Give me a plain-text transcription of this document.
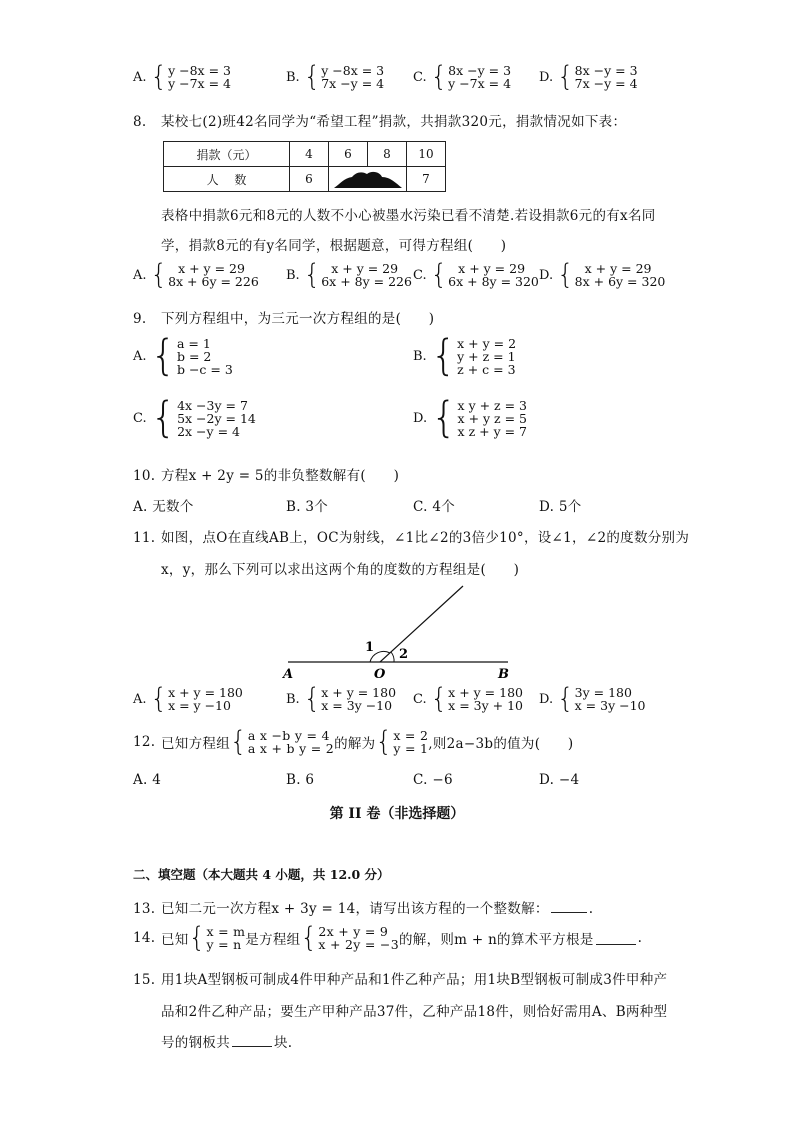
A. { y −8x = 3
y −7x = 4	B. { y −8x = 3
7x −y = 4 C. { 8x −y = 3
y −7x = 4 D. { 8x −y = 3
7x −y = 4
8. 某校七(2)班42名同学为“希望工程”捐款，共捐款320元，捐款情况如下表：
捐款（元）	4	6	8	10
人　 数	6			7
表格中捐款6元和8元的人数不小心被墨水污染已看不清楚.若设捐款6元的有x名同
学，捐款8元的有y名同学，根据题意，可得方程组(　　)
A. { x + y = 29
8x + 6y = 226 B. { x + y = 29
6x + 8y = 226 C. { x + y = 29
6x + 8y = 320 D. { x + y = 29
8x + 6y = 320
9. 下列方程组中，为三元一次方程组的是(　　)
A. { a = 1
b = 2
b −c = 3
B. { x + y = 2
y + z = 1
z + c = 3
C. { 4x −3y = 7
5x −2y = 14
2x −y = 4
D. { x y + z = 3
x + y z = 5
x z + y = 7
10. 方程x + 2y = 5的非负整数解有(　　)
A. 无数个	B. 3个	C. 4个	D. 5个
11. 如图，点O在直线AB上，OC为射线，∠1比∠2的3倍少10°，设∠1，∠2的度数分别为
x，y，那么下列可以求出这两个角的度数的方程组是(　　)
A	O	B
1 2
A. { x + y = 180
x = y −10	B. { x + y = 180
x = 3y −10	C. { x + y = 180
x = 3y + 10 D. { 3y = 180
x = 3y −10
12. 已知方程组 { a x −b y = 4
a x + b y = 2 的解为 { x = 2
y = 1 ,则2a−3b的值为(　　)
A. 4	B. 6	C. −6	D. −4
第 II 卷（非选择题）
二、填空题（本大题共 4 小题，共 12.0 分）
13. 已知二元一次方程x + 3y = 14，请写出该方程的一个整数解：	.
14. 已知 { x = m
y = n 是方程组 { 2x + y = 9
x + 2y = −3 的解，则m + n的算术平方根是	.
15. 用1块A型钢板可制成4件甲种产品和1件乙种产品；用1块B型钢板可制成3件甲种产
品和2件乙种产品；要生产甲种产品37件，乙种产品18件，则恰好需用A、B两种型
号的钢板共	块.
